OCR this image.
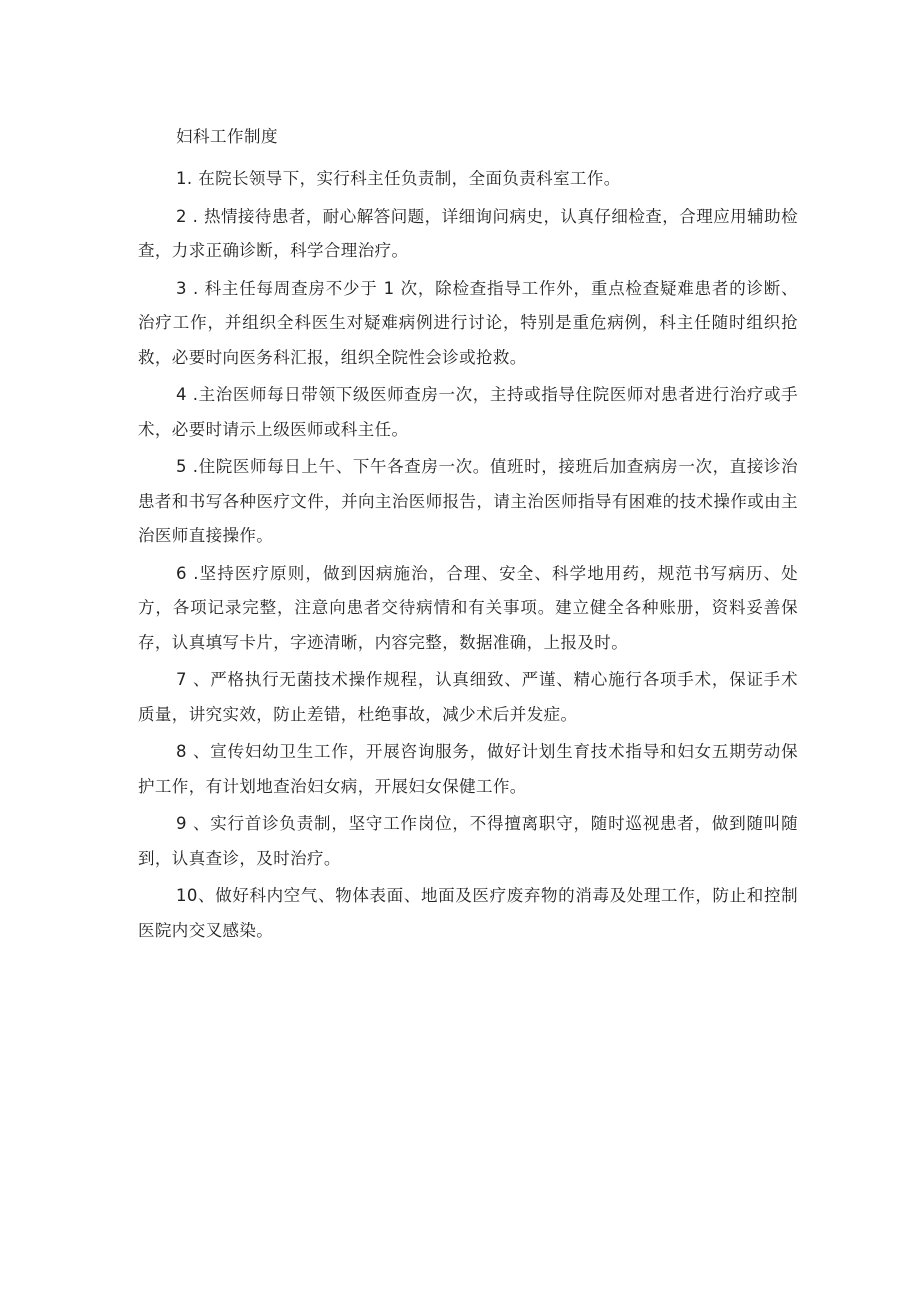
妇科工作制度

1. 在院长领导下，实行科主任负责制，全面负责科室工作。

2 . 热情接待患者，耐心解答问题，详细询问病史，认真仔细检查，合理应用辅助检查，力求正确诊断，科学合理治疗。

3 . 科主任每周查房不少于 1 次，除检查指导工作外，重点检查疑难患者的诊断、治疗工作，并组织全科医生对疑难病例进行讨论，特别是重危病例，科主任随时组织抢救，必要时向医务科汇报，组织全院性会诊或抢救。

4 .主治医师每日带领下级医师查房一次，主持或指导住院医师对患者进行治疗或手术，必要时请示上级医师或科主任。

5 .住院医师每日上午、下午各查房一次。值班时，接班后加查病房一次，直接诊治患者和书写各种医疗文件，并向主治医师报告，请主治医师指导有困难的技术操作或由主治医师直接操作。

6 .坚持医疗原则，做到因病施治，合理、安全、科学地用药，规范书写病历、处方，各项记录完整，注意向患者交待病情和有关事项。建立健全各种账册，资料妥善保存，认真填写卡片，字迹清晰，内容完整，数据准确，上报及时。

7 、严格执行无菌技术操作规程，认真细致、严谨、精心施行各项手术，保证手术质量，讲究实效，防止差错，杜绝事故，减少术后并发症。

8 、宣传妇幼卫生工作，开展咨询服务，做好计划生育技术指导和妇女五期劳动保护工作，有计划地查治妇女病，开展妇女保健工作。

9 、实行首诊负责制，坚守工作岗位，不得擅离职守，随时巡视患者，做到随叫随到，认真查诊，及时治疗。

10、做好科内空气、物体表面、地面及医疗废弃物的消毒及处理工作，防止和控制医院内交叉感染。
